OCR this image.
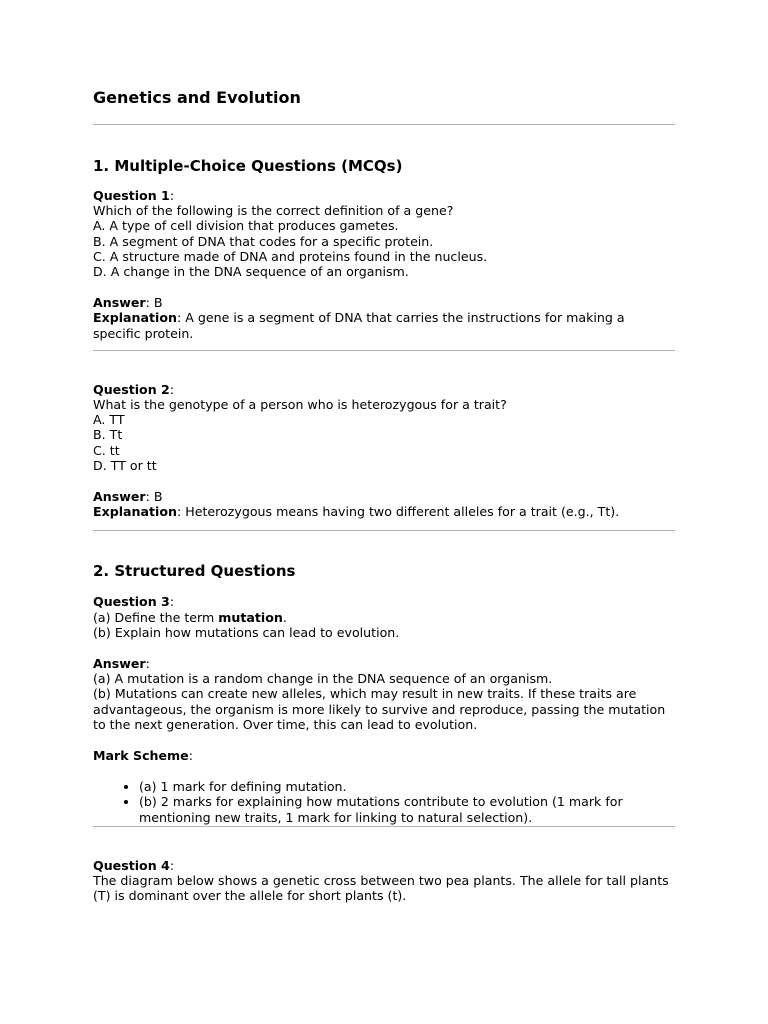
Genetics and Evolution
1. Multiple-Choice Questions (MCQs)
Question 1:
Which of the following is the correct definition of a gene?
A. A type of cell division that produces gametes.
B. A segment of DNA that codes for a specific protein.
C. A structure made of DNA and proteins found in the nucleus.
D. A change in the DNA sequence of an organism.
Answer: B

Explanation: A gene is a segment of DNA that carries the instructions for making a specific protein.

Question 2:
What is the genotype of a person who is heterozygous for a trait?
A. TT
B. Tt
C. tt
D. TT or tt
Answer: B

Explanation: Heterozygous means having two different alleles for a trait (e.g., Tt).

2. Structured Questions
Question 3:
(a) Define the term mutation.
(b) Explain how mutations can lead to evolution.
Answer:
(a) A mutation is a random change in the DNA sequence of an organism.

(b) Mutations can create new alleles, which may result in new traits. If these traits are advantageous, the organism is more likely to survive and reproduce, passing the mutation to the next generation. Over time, this can lead to evolution.

Mark Scheme:
• (a) 1 mark for defining mutation.
• (b) 2 marks for explaining how mutations contribute to evolution (1 mark for mentioning new traits, 1 mark for linking to natural selection).
Question 4:

The diagram below shows a genetic cross between two pea plants. The allele for tall plants (T) is dominant over the allele for short plants (t).
